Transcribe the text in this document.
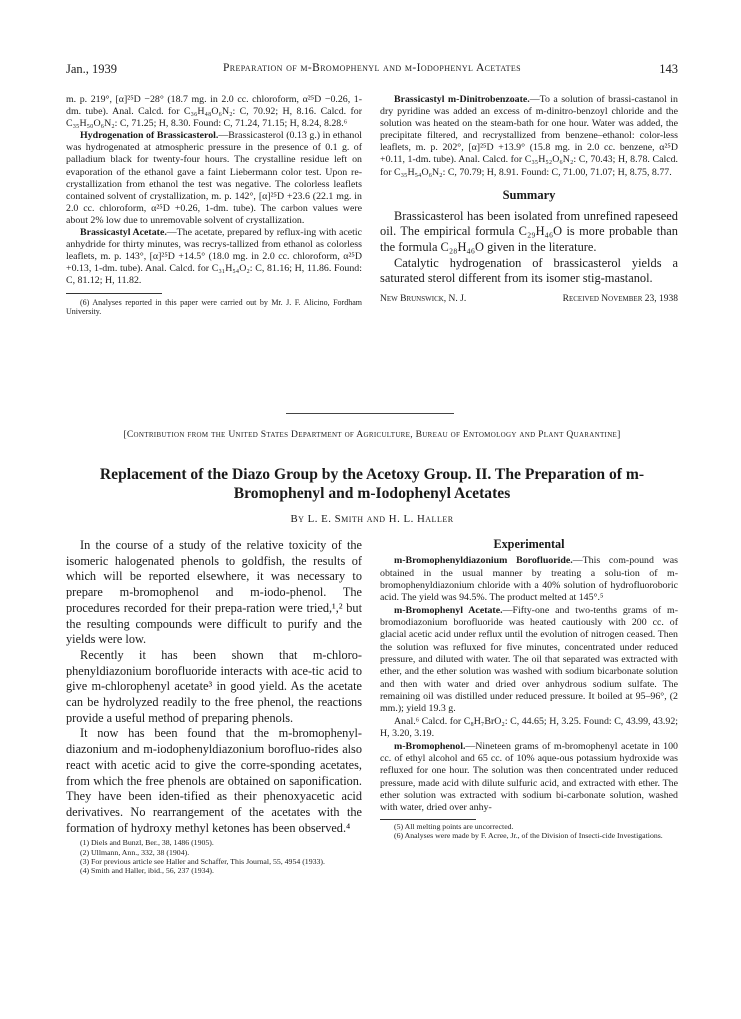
Jan., 1939	Preparation of m-Bromophenyl and m-Iodophenyl Acetates	143

m. p. 219°, [α]²⁵D −28° (18.7 mg. in 2.0 cc. chloroform, α²⁵D −0.26, 1-dm. tube). Anal. Calcd. for C₃₆H₄₈O₆N₂: C, 70.92; H, 8.16. Calcd. for C₃₅H₅₀O₆N₂: C, 71.25; H, 8.30. Found: C, 71.24, 71.15; H, 8.24, 8.28.⁶

Hydrogenation of Brassicasterol.—Brassicasterol (0.13 g.) in ethanol was hydrogenated at atmospheric pressure in the presence of 0.1 g. of palladium black for twenty-four hours. The crystalline residue left on evaporation of the ethanol gave a faint Liebermann color test. Upon re-crystallization from ethanol the test was negative. The colorless leaflets contained solvent of crystallization, m. p. 142°, [α]²⁵D +23.6 (22.1 mg. in 2.0 cc. chloroform, α²⁵D +0.26, 1-dm. tube). The carbon values were about 2% low due to unremovable solvent of crystallization.

Brassicastyl Acetate.—The acetate, prepared by reflux-ing with acetic anhydride for thirty minutes, was recrys-tallized from ethanol as colorless leaflets, m. p. 143°, [α]²⁵D +14.5° (18.0 mg. in 2.0 cc. chloroform, α²⁵D +0.13, 1-dm. tube). Anal. Calcd. for C₃₁H₅₄O₂: C, 81.16; H, 11.86. Found: C, 81.12; H, 11.82.

(6) Analyses reported in this paper were carried out by Mr. J. F. Alicino, Fordham University.

Brassicastyl m-Dinitrobenzoate.—To a solution of brassi-castanol in dry pyridine was added an excess of m-dinitro-benzoyl chloride and the solution was heated on the steam-bath for one hour. Water was added, the precipitate filtered, and recrystallized from benzene–ethanol: color-less leaflets, m. p. 202°, [α]²⁵D +13.9° (15.8 mg. in 2.0 cc. benzene, α²⁵D +0.11, 1-dm. tube). Anal. Calcd. for C₃₅H₅₂O₆N₂: C, 70.43; H, 8.78. Calcd. for C₃₅H₅₄O₆N₂: C, 70.79; H, 8.91. Found: C, 71.00, 71.07; H, 8.75, 8.77.

Summary

Brassicasterol has been isolated from unrefined rapeseed oil. The empirical formula C₂₉H₄₆O is more probable than the formula C₂₈H₄₆O given in the literature.

Catalytic hydrogenation of brassicasterol yields a saturated sterol different from its isomer stig-mastanol.

New Brunswick, N. J.	Received November 23, 1938
[Contribution from the United States Department of Agriculture, Bureau of Entomology and Plant Quarantine]
Replacement of the Diazo Group by the Acetoxy Group. II. The Preparation of m-Bromophenyl and m-Iodophenyl Acetates
By L. E. Smith and H. L. Haller

In the course of a study of the relative toxicity of the isomeric halogenated phenols to goldfish, the results of which will be reported elsewhere, it was necessary to prepare m-bromophenol and m-iodo-phenol. The procedures recorded for their prepa-ration were tried,¹,² but the resulting compounds were difficult to purify and the yields were low.

Recently it has been shown that m-chloro-phenyldiazonium borofluoride interacts with ace-tic acid to give m-chlorophenyl acetate³ in good yield. As the acetate can be hydrolyzed readily to the free phenol, the reactions provide a useful method of preparing phenols.

It now has been found that the m-bromophenyl-diazonium and m-iodophenyldiazonium borofluo-rides also react with acetic acid to give the corre-sponding acetates, from which the free phenols are obtained on saponification. They have been iden-tified as their phenoxyacetic acid derivatives. No rearrangement of the acetates with the formation of hydroxy methyl ketones has been observed.⁴

(1) Diels and Bunzl, Ber., 38, 1486 (1905).

(2) Ullmann, Ann., 332, 38 (1904).

(3) For previous article see Haller and Schaffer, This Journal, 55, 4954 (1933).

(4) Smith and Haller, ibid., 56, 237 (1934).

Experimental

m-Bromophenyldiazonium Borofluoride.—This com-pound was obtained in the usual manner by treating a solu-tion of m-bromophenyldiazonium chloride with a 40% solution of hydrofluoroboric acid. The yield was 94.5%. The product melted at 145°.⁵

m-Bromophenyl Acetate.—Fifty-one and two-tenths grams of m-bromodiazonium borofluoride was heated cautiously with 200 cc. of glacial acetic acid under reflux until the evolution of nitrogen ceased. Then the solution was refluxed for five minutes, concentrated under reduced pressure, and diluted with water. The oil that separated was extracted with ether, and the ether solution was washed with sodium bicarbonate solution and then with water and dried over anhydrous sodium sulfate. The remaining oil was distilled under reduced pressure. It boiled at 95–96°, (2 mm.); yield 19.3 g.

Anal.⁶ Calcd. for C₈H₇BrO₂: C, 44.65; H, 3.25. Found: C, 43.99, 43.92; H, 3.20, 3.19.

m-Bromophenol.—Nineteen grams of m-bromophenyl acetate in 100 cc. of ethyl alcohol and 65 cc. of 10% aque-ous potassium hydroxide was refluxed for one hour. The solution was then concentrated under reduced pressure, made acid with dilute sulfuric acid, and extracted with ether. The ether solution was extracted with sodium bi-carbonate solution, washed with water, dried over anhy-

(5) All melting points are uncorrected.

(6) Analyses were made by F. Acree, Jr., of the Division of Insecti-cide Investigations.
